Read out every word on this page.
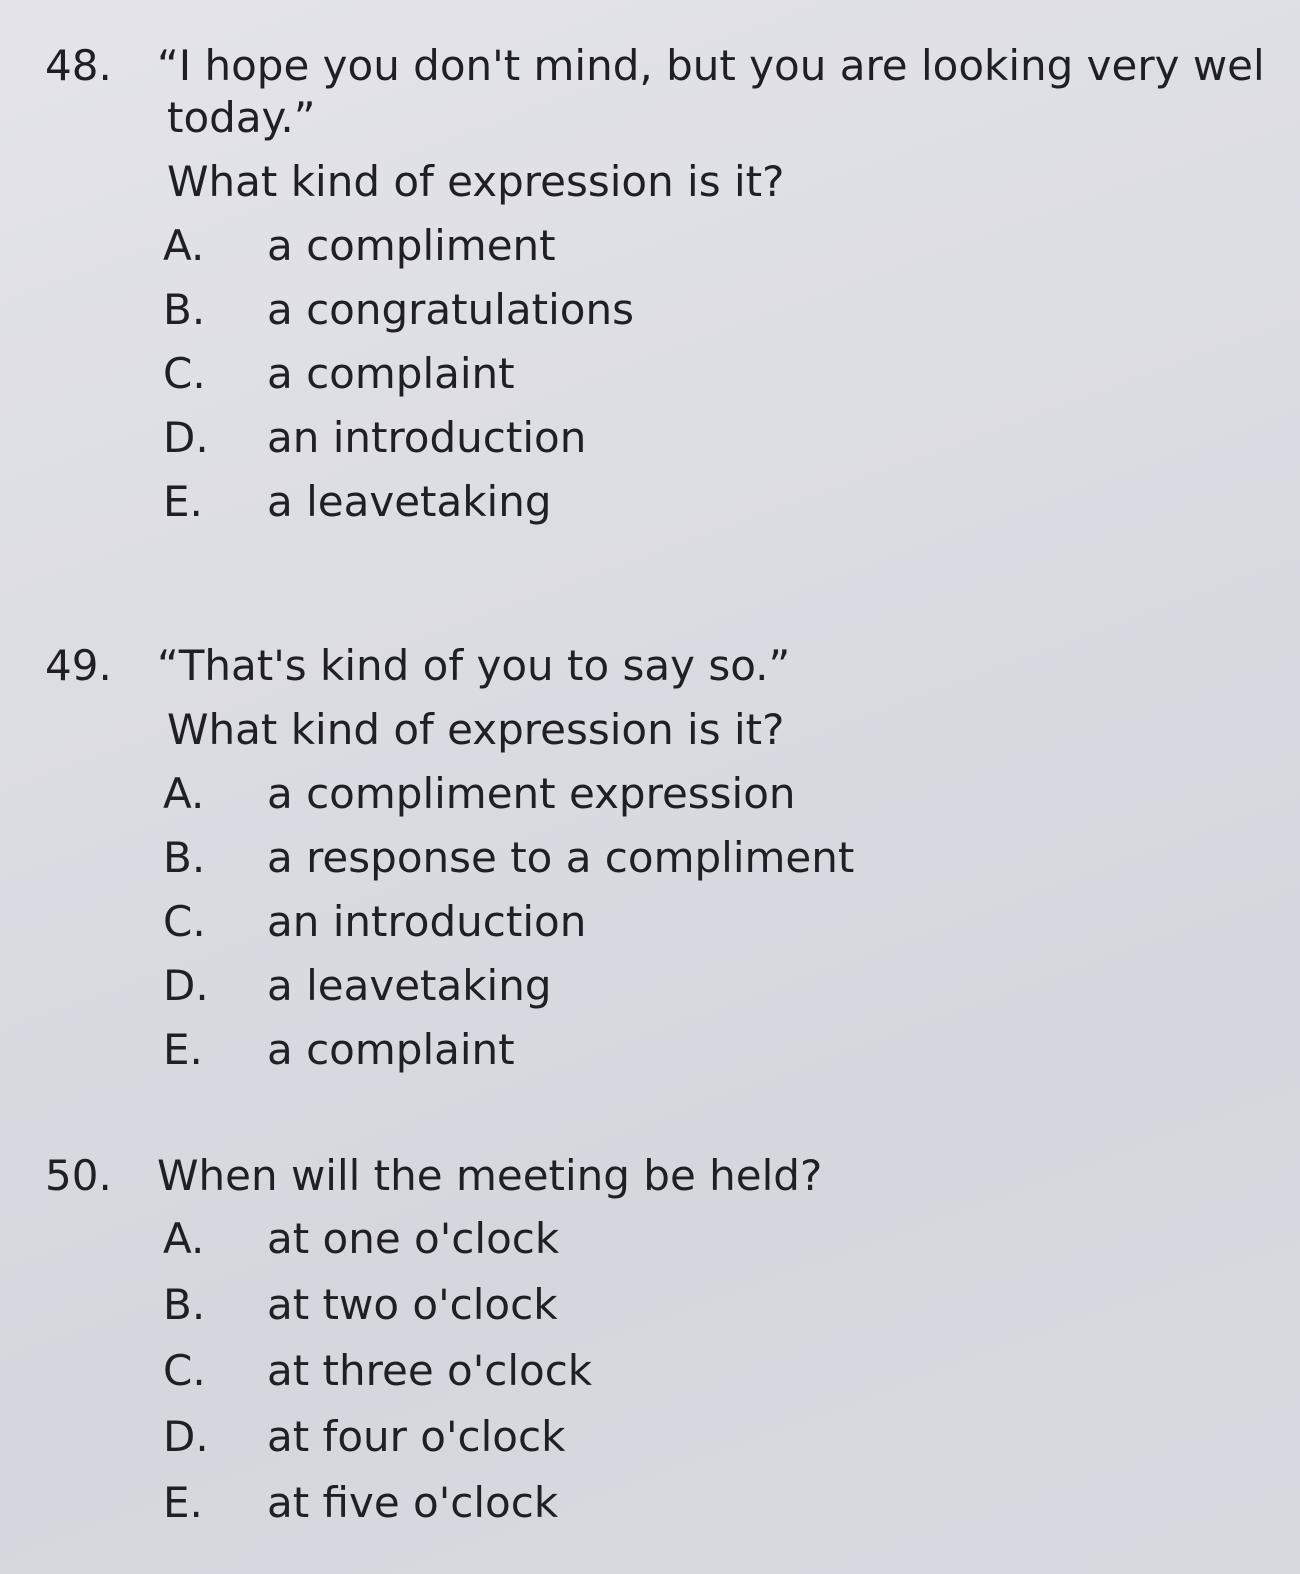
48.	“I hope you don't mind, but you are looking very wel
today.”
What kind of expression is it?
A.	a compliment
B.	a congratulations
C.	a complaint
D.	an introduction
E.	a leavetaking
49.	“That's kind of you to say so.”
What kind of expression is it?
A.	a compliment expression
B.	a response to a compliment
C.	an introduction
D.	a leavetaking
E.	a complaint
50.	When will the meeting be held?
A.	at one o'clock
B.	at two o'clock
C.	at three o'clock
D.	at four o'clock
E.	at five o'clock
